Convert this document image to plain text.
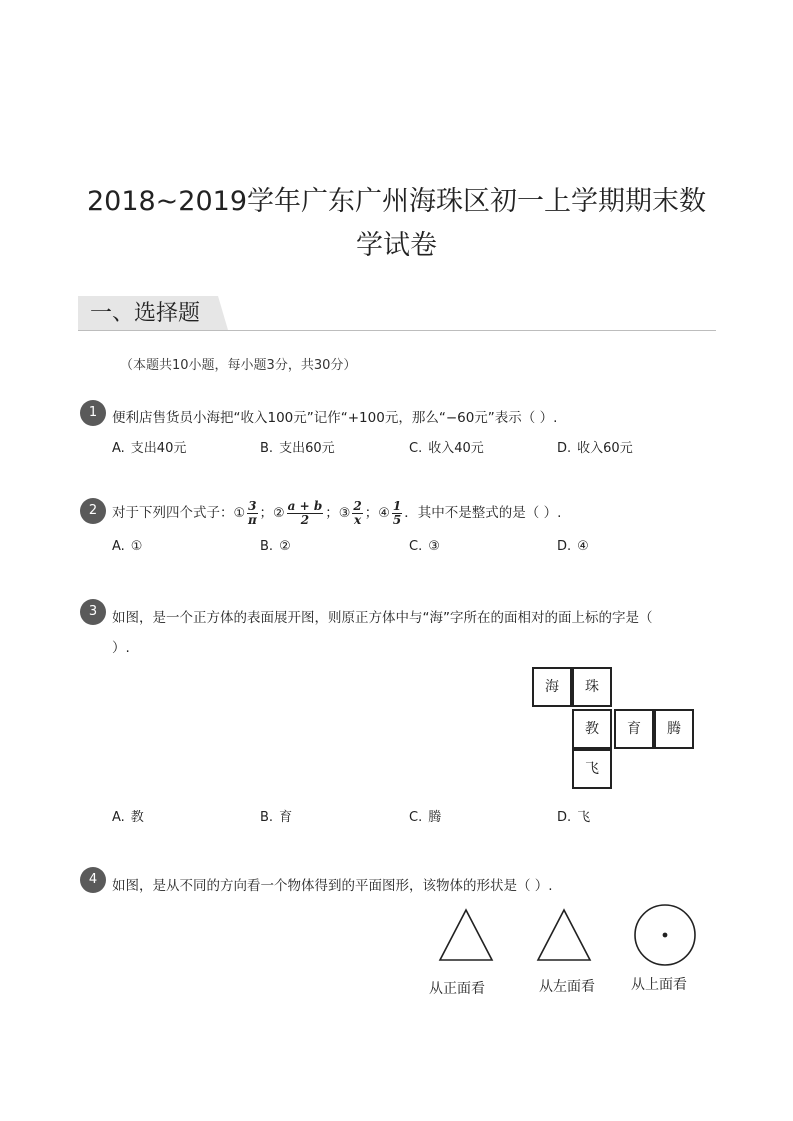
2018~2019学年广东广州海珠区初一上学期期末数
学试卷
一、选择题
（本题共10小题，每小题3分，共30分）
1	便利店售货员小海把“收入100元”记作“+100元，那么“−60元”表示（ ）.
A. 支出40元	B. 支出60元	C. 收入40元	D. 收入60元
2	对于下列四个式子：① $\frac{3}{\pi}$ ；② $\frac{a + b}{2}$ ；③ $\frac{2}{x}$ ；④ $\frac{1}{5}$ ．其中不是整式的是（ ）.
A. ①	B. ②	C. ③	D. ④
3	如图，是一个正方体的表面展开图，则原正方体中与“海”字所在的面相对的面上标的字是（
）.
海	珠
教	育	腾
飞
A. 教	B. 育	C. 腾	D. 飞
4	如图，是从不同的方向看一个物体得到的平面图形，该物体的形状是（ ）.
从正面看	从左面看	从上面看
